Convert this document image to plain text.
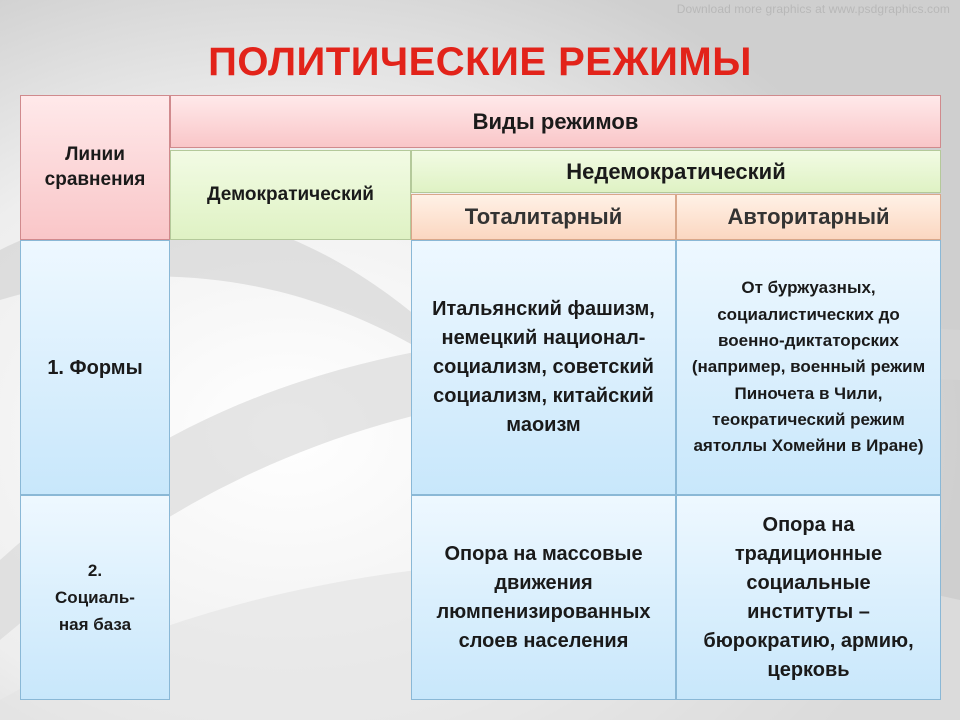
Download more graphics at www.psdgraphics.com
ПОЛИТИЧЕСКИЕ РЕЖИМЫ
Линии сравнения
Виды режимов
Демократический
Недемократический
Тоталитарный	Авторитарный
1. Формы
Итальянский фашизм, немецкий национал-социализм, советский социализм, китайский маоизм
От буржуазных, социалистических до военно-диктаторских (например, военный режим Пиночета в Чили, теократический режим аятоллы Хомейни в Иране)
2. Социаль-ная база
Опора на массовые движения люмпенизированных слоев населения
Опора на традиционные социальные институты – бюрократию, армию, церковь
